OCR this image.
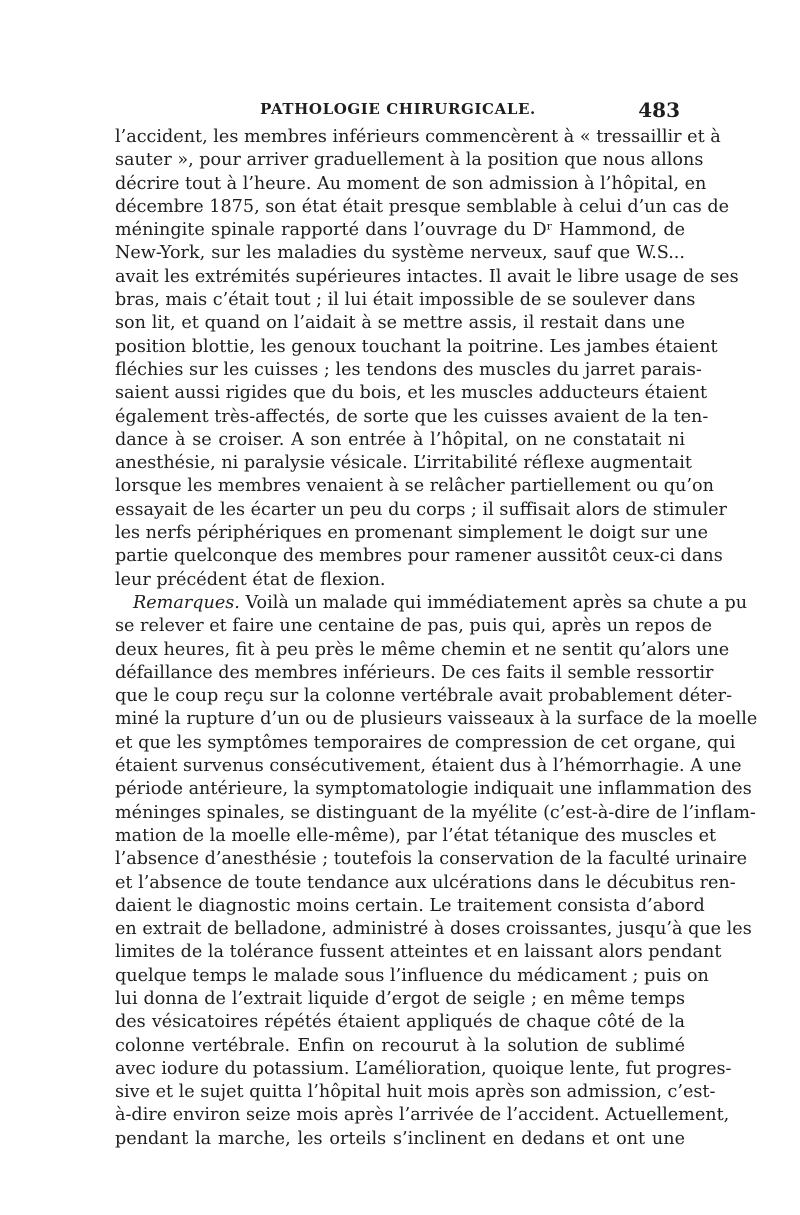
PATHOLOGIE CHIRURGICALE.	483
l’accident, les membres inférieurs commencèrent à « tressaillir et à
sauter », pour arriver graduellement à la position que nous allons
décrire tout à l’heure. Au moment de son admission à l’hôpital, en
décembre 1875, son état était presque semblable à celui d’un cas de
méningite spinale rapporté dans l’ouvrage du Dʳ Hammond, de
New-York, sur les maladies du système nerveux, sauf que W.S...
avait les extrémités supérieures intactes. Il avait le libre usage de ses
bras, mais c’était tout ; il lui était impossible de se soulever dans
son lit, et quand on l’aidait à se mettre assis, il restait dans une
position blottie, les genoux touchant la poitrine. Les jambes étaient
fléchies sur les cuisses ; les tendons des muscles du jarret parais-
saient aussi rigides que du bois, et les muscles adducteurs étaient
également très-affectés, de sorte que les cuisses avaient de la ten-
dance à se croiser. A son entrée à l’hôpital, on ne constatait ni
anesthésie, ni paralysie vésicale. L’irritabilité réflexe augmentait
lorsque les membres venaient à se relâcher partiellement ou qu’on
essayait de les écarter un peu du corps ; il suffisait alors de stimuler
les nerfs périphériques en promenant simplement le doigt sur une
partie quelconque des membres pour ramener aussitôt ceux-ci dans
leur précédent état de flexion.
Remarques. Voilà un malade qui immédiatement après sa chute a pu
se relever et faire une centaine de pas, puis qui, après un repos de
deux heures, fit à peu près le même chemin et ne sentit qu’alors une
défaillance des membres inférieurs. De ces faits il semble ressortir
que le coup reçu sur la colonne vertébrale avait probablement déter-
miné la rupture d’un ou de plusieurs vaisseaux à la surface de la moelle
et que les symptômes temporaires de compression de cet organe, qui
étaient survenus consécutivement, étaient dus à l’hémorrhagie. A une
période antérieure, la symptomatologie indiquait une inflammation des
méninges spinales, se distinguant de la myélite (c’est-à-dire de l’inflam-
mation de la moelle elle-même), par l’état tétanique des muscles et
l’absence d’anesthésie ; toutefois la conservation de la faculté urinaire
et l’absence de toute tendance aux ulcérations dans le décubitus ren-
daient le diagnostic moins certain. Le traitement consista d’abord
en extrait de belladone, administré à doses croissantes, jusqu’à que les
limites de la tolérance fussent atteintes et en laissant alors pendant
quelque temps le malade sous l’influence du médicament ; puis on
lui donna de l’extrait liquide d’ergot de seigle ; en même temps
des vésicatoires répétés étaient appliqués de chaque côté de la
colonne vertébrale. Enfin on recourut à la solution de sublimé
avec iodure du potassium. L’amélioration, quoique lente, fut progres-
sive et le sujet quitta l’hôpital huit mois après son admission, c’est-
à-dire environ seize mois après l’arrivée de l’accident. Actuellement,
pendant la marche, les orteils s’inclinent en dedans et ont une
